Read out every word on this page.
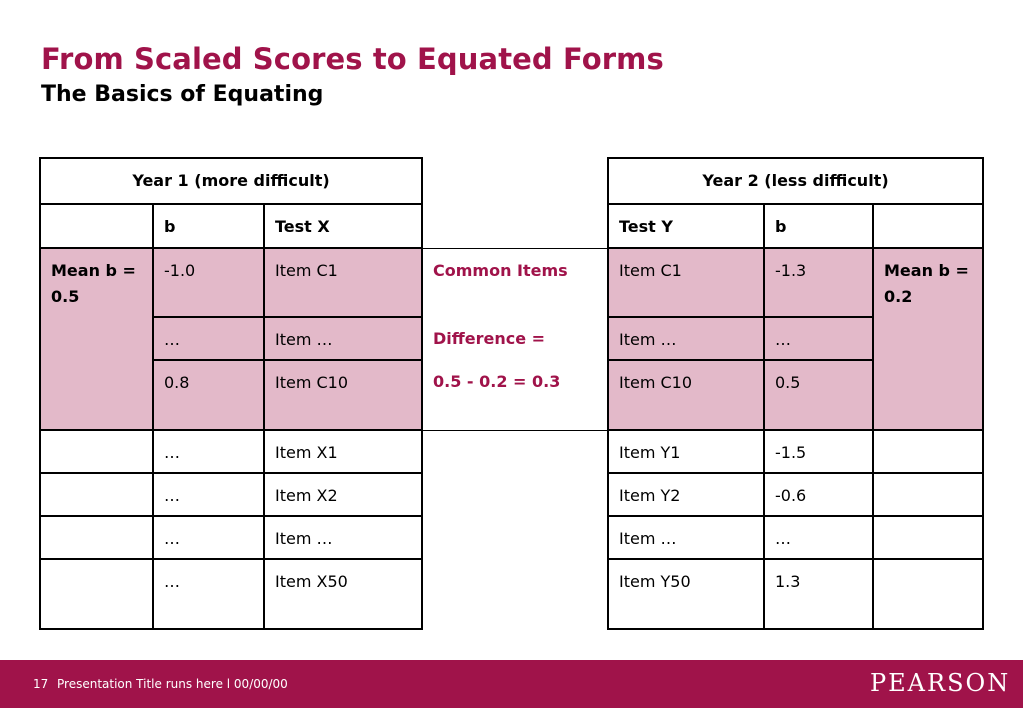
From Scaled Scores to Equated Forms
The Basics of Equating
Year 1 (more difficult)				Year 2 (less difficult)		
	b	Test X		Test Y	b	
Mean b = 0.5	-1.0	Item C1	Common Items	Item C1	-1.3	Mean b = 0.2
	…	Item …	Difference =	Item …	…	
	0.8	Item C10	0.5 - 0.2 = 0.3	Item C10	0.5	
	…	Item X1		Item Y1	-1.5	
	…	Item X2		Item Y2	-0.6	
	…	Item …		Item …	…	
	…	Item X50		Item Y50	1.3	
17 Presentation Title runs here l 00/00/00	PEARSON
